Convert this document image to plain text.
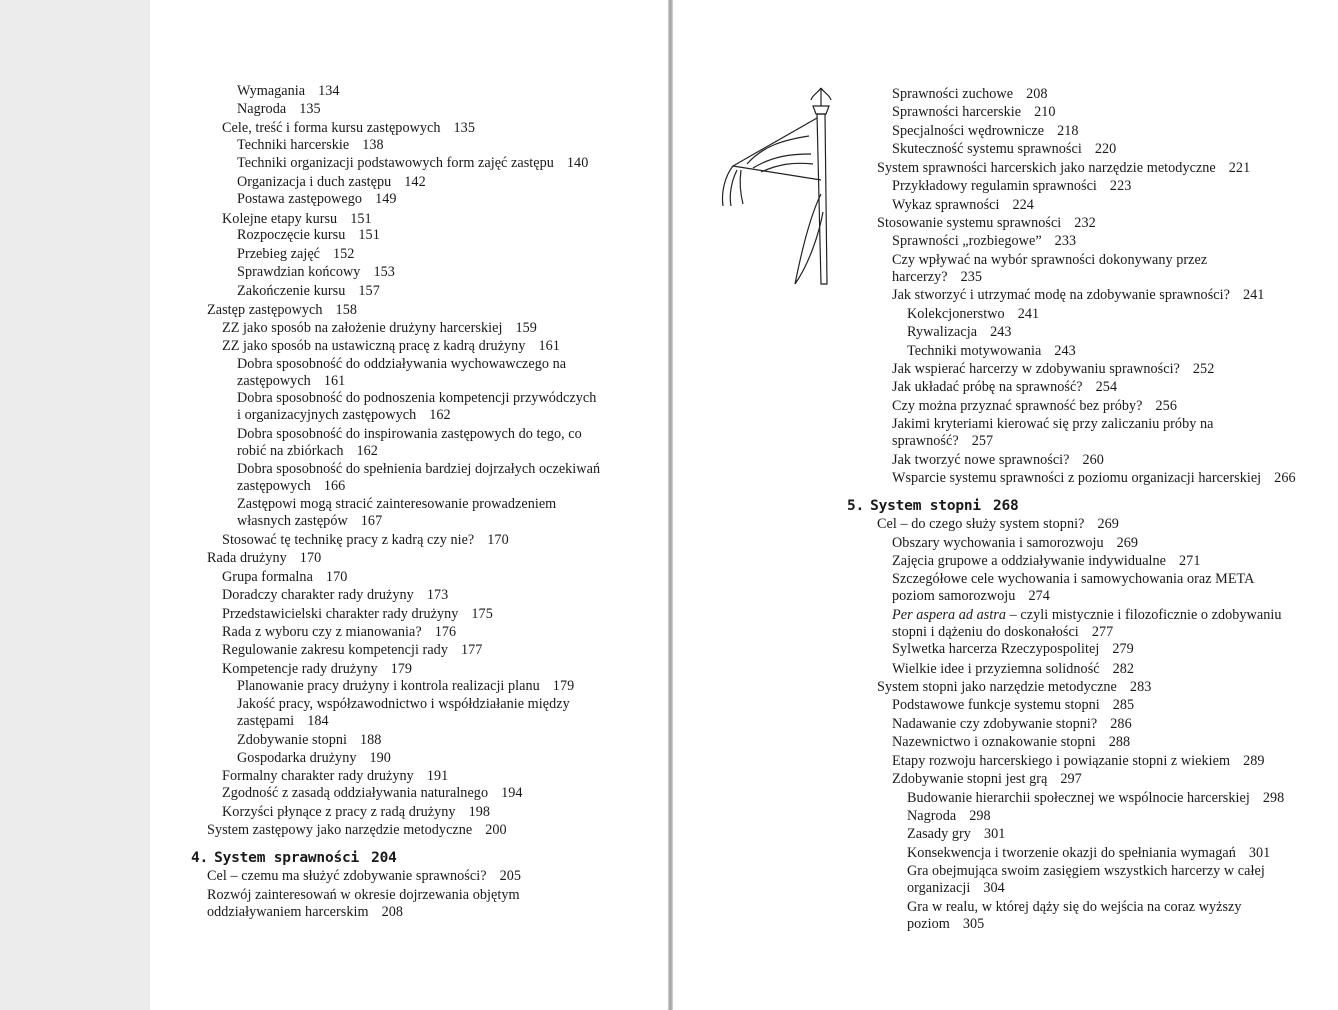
DREPTAKI
Wymagania 134
Nagroda 135
Cele, treść i forma kursu zastępowych 135
Techniki harcerskie 138
Techniki organizacji podstawowych form zajęć zastępu 140
Organizacja i duch zastępu 142
Postawa zastępowego 149
Kolejne etapy kursu 151
Rozpoczęcie kursu 151
Przebieg zajęć 152
Sprawdzian końcowy 153
Zakończenie kursu 157
Zastęp zastępowych 158
ZZ jako sposób na założenie drużyny harcerskiej 159
ZZ jako sposób na ustawiczną pracę z kadrą drużyny 161
Dobra sposobność do oddziaływania wychowawczego na
zastępowych 161
Dobra sposobność do podnoszenia kompetencji przywódczych
i organizacyjnych zastępowych 162
Dobra sposobność do inspirowania zastępowych do tego, co
robić na zbiórkach 162
Dobra sposobność do spełnienia bardziej dojrzałych oczekiwań
zastępowych 166
Zastępowi mogą stracić zainteresowanie prowadzeniem
własnych zastępów 167
Stosować tę technikę pracy z kadrą czy nie? 170
Rada drużyny 170
Grupa formalna 170
Doradczy charakter rady drużyny 173
Przedstawicielski charakter rady drużyny 175
Rada z wyboru czy z mianowania? 176
Regulowanie zakresu kompetencji rady 177
Kompetencje rady drużyny 179
Planowanie pracy drużyny i kontrola realizacji planu 179
Jakość pracy, współzawodnictwo i współdziałanie między
zastępami 184
Zdobywanie stopni 188
Gospodarka drużyny 190
Formalny charakter rady drużyny 191
Zgodność z zasadą oddziaływania naturalnego 194
Korzyści płynące z pracy z radą drużyny 198
System zastępowy jako narzędzie metodyczne 200
4. System sprawności 204
Cel – czemu ma służyć zdobywanie sprawności? 205
Rozwój zainteresowań w okresie dojrzewania objętym
oddziaływaniem harcerskim 208
Sprawności zuchowe 208
Sprawności harcerskie 210
Specjalności wędrownicze 218
Skuteczność systemu sprawności 220
System sprawności harcerskich jako narzędzie metodyczne 221
Przykładowy regulamin sprawności 223
Wykaz sprawności 224
Stosowanie systemu sprawności 232
Sprawności „rozbiegowe” 233
Czy wpływać na wybór sprawności dokonywany przez
harcerzy? 235
Jak stworzyć i utrzymać modę na zdobywanie sprawności? 241
Kolekcjonerstwo 241
Rywalizacja 243
Techniki motywowania 243
Jak wspierać harcerzy w zdobywaniu sprawności? 252
Jak układać próbę na sprawność? 254
Czy można przyznać sprawność bez próby? 256
Jakimi kryteriami kierować się przy zaliczaniu próby na
sprawność? 257
Jak tworzyć nowe sprawności? 260
Wsparcie systemu sprawności z poziomu organizacji harcerskiej 266
5. System stopni 268
Cel – do czego służy system stopni? 269
Obszary wychowania i samorozwoju 269
Zajęcia grupowe a oddziaływanie indywidualne 271
Szczegółowe cele wychowania i samowychowania oraz META
poziom samorozwoju 274
Per aspera ad astra – czyli mistycznie i filozoficznie o zdobywaniu
stopni i dążeniu do doskonałości 277
Sylwetka harcerza Rzeczypospolitej 279
Wielkie idee i przyziemna solidność 282
System stopni jako narzędzie metodyczne 283
Podstawowe funkcje systemu stopni 285
Nadawanie czy zdobywanie stopni? 286
Nazewnictwo i oznakowanie stopni 288
Etapy rozwoju harcerskiego i powiązanie stopni z wiekiem 289
Zdobywanie stopni jest grą 297
Budowanie hierarchii społecznej we wspólnocie harcerskiej 298
Nagroda 298
Zasady gry 301
Konsekwencja i tworzenie okazji do spełniania wymagań 301
Gra obejmująca swoim zasięgiem wszystkich harcerzy w całej
organizacji 304
Gra w realu, w której dąży się do wejścia na coraz wyższy
poziom 305
